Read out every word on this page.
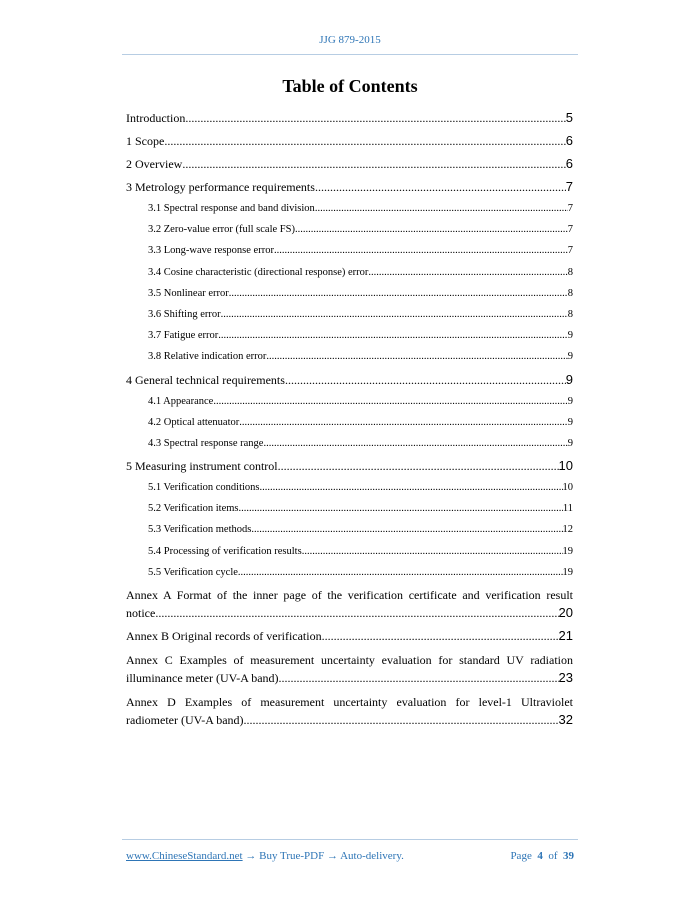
JJG 879-2015
Table of Contents
Introduction .....	5
1 Scope .....	6
2 Overview .....	6
3 Metrology performance requirements .....	7
3.1 Spectral response and band division .....	7
3.2 Zero-value error (full scale FS) .....	7
3.3 Long-wave response error .....	7
3.4 Cosine characteristic (directional response) error .....	8
3.5 Nonlinear error .....	8
3.6 Shifting error .....	8
3.7 Fatigue error .....	9
3.8 Relative indication error .....	9
4 General technical requirements .....	9
4.1 Appearance .....	9
4.2 Optical attenuator .....	9
4.3 Spectral response range .....	9
5 Measuring instrument control .....	10
5.1 Verification conditions .....	10
5.2 Verification items .....	11
5.3 Verification methods .....	12
5.4 Processing of verification results .....	19
5.5 Verification cycle .....	19
Annex A Format of the inner page of the verification certificate and verification result
notice .....	20
Annex B Original records of verification .....	21
Annex C Examples of measurement uncertainty evaluation for standard UV radiation
illuminance meter (UV-A band) .....	23
Annex D Examples of measurement uncertainty evaluation for level-1 Ultraviolet
radiometer (UV-A band) .....	32
www.ChineseStandard.net → Buy True-PDF → Auto-delivery.	Page 4 of 39
